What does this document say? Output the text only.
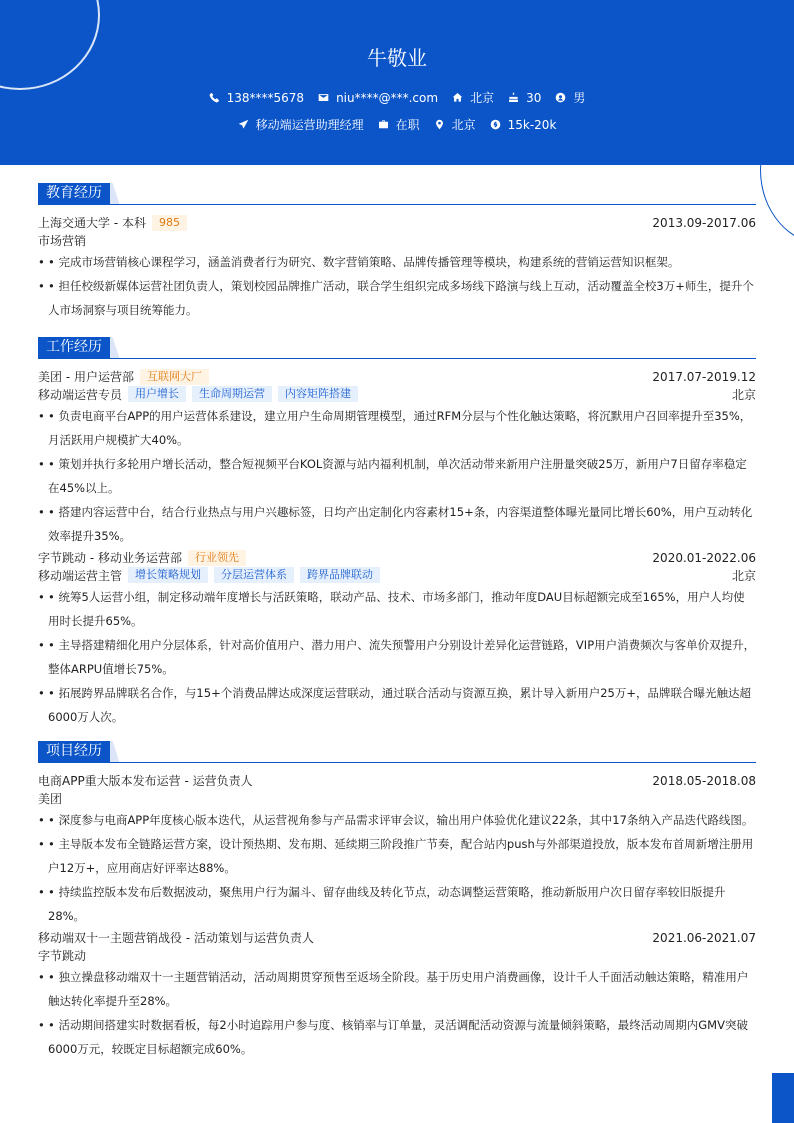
牛敬业
138****5678	niu****@***.com	北京	30	男
移动端运营助理经理	在职	北京	15k-20k
教育经历
上海交通大学 - 本科	985	2013.09-2017.06
市场营销
• • 完成市场营销核心课程学习，涵盖消费者行为研究、数字营销策略、品牌传播管理等模块，构建系统的营销运营知识框架。
• • 担任校级新媒体运营社团负责人，策划校园品牌推广活动，联合学生组织完成多场线下路演与线上互动，活动覆盖全校3万+师生，提升个人市场洞察与项目统筹能力。
工作经历
美团 - 用户运营部	互联网大厂	2017.07-2019.12
移动端运营专员	用户增长	生命周期运营	内容矩阵搭建	北京
• • 负责电商平台APP的用户运营体系建设，建立用户生命周期管理模型，通过RFM分层与个性化触达策略，将沉默用户召回率提升至35%，月活跃用户规模扩大40%。
• • 策划并执行多轮用户增长活动，整合短视频平台KOL资源与站内福利机制，单次活动带来新用户注册量突破25万，新用户7日留存率稳定在45%以上。
• • 搭建内容运营中台，结合行业热点与用户兴趣标签，日均产出定制化内容素材15+条，内容渠道整体曝光量同比增长60%，用户互动转化效率提升35%。
字节跳动 - 移动业务运营部	行业领先	2020.01-2022.06
移动端运营主管	增长策略规划	分层运营体系	跨界品牌联动	北京
• • 统筹5人运营小组，制定移动端年度增长与活跃策略，联动产品、技术、市场多部门，推动年度DAU目标超额完成至165%，用户人均使用时长提升65%。
• • 主导搭建精细化用户分层体系，针对高价值用户、潜力用户、流失预警用户分别设计差异化运营链路，VIP用户消费频次与客单价双提升，整体ARPU值增长75%。
• • 拓展跨界品牌联名合作，与15+个消费品牌达成深度运营联动，通过联合活动与资源互换，累计导入新用户25万+，品牌联合曝光触达超6000万人次。
项目经历
电商APP重大版本发布运营 - 运营负责人	2018.05-2018.08
美团
• • 深度参与电商APP年度核心版本迭代，从运营视角参与产品需求评审会议，输出用户体验优化建议22条，其中17条纳入产品迭代路线图。
• • 主导版本发布全链路运营方案，设计预热期、发布期、延续期三阶段推广节奏，配合站内push与外部渠道投放，版本发布首周新增注册用户12万+，应用商店好评率达88%。
• • 持续监控版本发布后数据波动，聚焦用户行为漏斗、留存曲线及转化节点，动态调整运营策略，推动新版用户次日留存率较旧版提升28%。
移动端双十一主题营销战役 - 活动策划与运营负责人	2021.06-2021.07
字节跳动
• • 独立操盘移动端双十一主题营销活动，活动周期贯穿预售至返场全阶段。基于历史用户消费画像，设计千人千面活动触达策略，精准用户触达转化率提升至28%。
• • 活动期间搭建实时数据看板，每2小时追踪用户参与度、核销率与订单量，灵活调配活动资源与流量倾斜策略，最终活动周期内GMV突破6000万元，较既定目标超额完成60%。
